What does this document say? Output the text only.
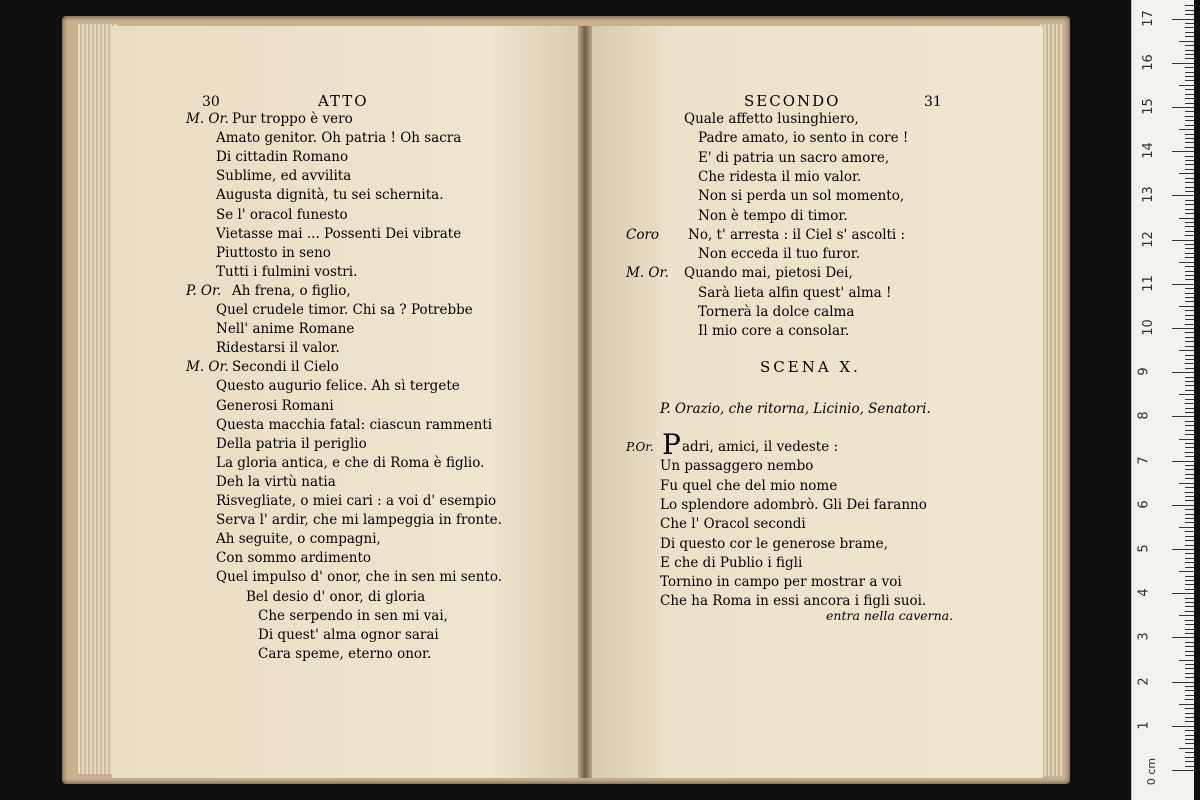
30	ATTO
M. Or. Pur troppo è vero
Amato genitor. Oh patria ! Oh sacra
Di cittadin Romano
Sublime, ed avvilita
Augusta dignità, tu sei schernita.
Se l' oracol funesto
Vietasse mai ... Possenti Dei vibrate
Piuttosto in seno
Tutti i fulmini vostri.
P. Or. Ah frena, o figlio,
Quel crudele timor. Chi sa ? Potrebbe
Nell' anime Romane
Ridestarsi il valor.
M. Or. Secondi il Cielo
Questo augurio felice. Ah sì tergete
Generosi Romani
Questa macchia fatal: ciascun rammenti
Della patria il periglio
La gloria antica, e che di Roma è figlio.
Deh la virtù natia
Risvegliate, o miei cari : a voi d' esempio
Serva l' ardir, che mi lampeggia in fronte.
Ah seguite, o compagni,
Con sommo ardimento
Quel impulso d' onor, che in sen mi sento.
Bel desio d' onor, di gloria
Che serpendo in sen mi vai,
Di quest' alma ognor sarai
Cara speme, eterno onor.
SECONDO	31
Quale affetto lusinghiero,
Padre amato, io sento in core !
E' di patria un sacro amore,
Che ridesta il mio valor.
Non si perda un sol momento,
Non è tempo di timor.
Coro No, t' arresta : il Ciel s' ascolti :
Non ecceda il tuo furor.
M. Or. Quando mai, pietosi Dei,
Sarà lieta alfin quest' alma !
Tornerà la dolce calma
Il mio core a consolar.
SCENA X.
P. Orazio, che ritorna, Licinio, Senatori.
P.Or. P adri, amici, il vedeste :
Un passaggero nembo
Fu quel che del mio nome
Lo splendore adombrò. Gli Dei faranno
Che l' Oracol secondi
Di questo cor le generose brame,
E che di Publio i figli
Tornino in campo per mostrar a voi
Che ha Roma in essi ancora i figli suoi.
entra nella caverna.
1
2
3
4
5
6
7
8
9
10
11
12
13
14
15
16
17
0 cm
